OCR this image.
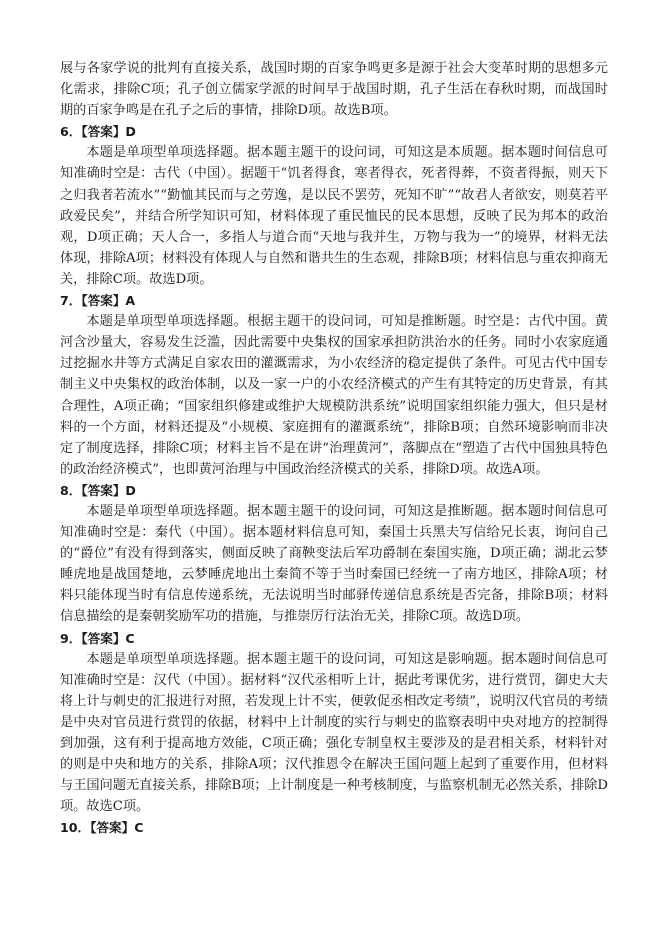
展与各家学说的批判有直接关系，战国时期的百家争鸣更多是源于社会大变革时期的思想多元化需求，排除C项；孔子创立儒家学派的时间早于战国时期，孔子生活在春秋时期，而战国时期的百家争鸣是在孔子之后的事情，排除D项。故选B项。

6．【答案】D

本题是单项型单项选择题。据本题主题干的设问词，可知这是本质题。据本题时间信息可知准确时空是：古代（中国）。据题干“饥者得食，寒者得衣，死者得葬，不资者得振，则天下之归我者若流水”“勤恤其民而与之劳逸，是以民不罢劳，死知不旷”“故君人者欲安，则莫若平政爱民矣”，并结合所学知识可知，材料体现了重民恤民的民本思想，反映了民为邦本的政治观，D项正确；天人合一，多指人与道合而“天地与我并生，万物与我为一”的境界，材料无法体现，排除A项；材料没有体现人与自然和谐共生的生态观，排除B项；材料信息与重农抑商无关，排除C项。故选D项。

7．【答案】A

本题是单项型单项选择题。根据主题干的设问词，可知是推断题。时空是：古代中国。黄河含沙量大，容易发生泛滥，因此需要中央集权的国家承担防洪治水的任务。同时小农家庭通过挖掘水井等方式满足自家农田的灌溉需求，为小农经济的稳定提供了条件。可见古代中国专制主义中央集权的政治体制，以及一家一户的小农经济模式的产生有其特定的历史背景，有其合理性，A项正确；“国家组织修建或维护大规模防洪系统”说明国家组织能力强大，但只是材料的一个方面，材料还提及“小规模、家庭拥有的灌溉系统”，排除B项；自然环境影响而非决定了制度选择，排除C项；材料主旨不是在讲“治理黄河”，落脚点在“塑造了古代中国独具特色的政治经济模式”，也即黄河治理与中国政治经济模式的关系，排除D项。故选A项。

8．【答案】D

本题是单项型单项选择题。据本题主题干的设问词，可知这是推断题。据本题时间信息可知准确时空是：秦代（中国）。据本题材料信息可知，秦国士兵黑夫写信给兄长衷，询问自己的“爵位”有没有得到落实，侧面反映了商鞅变法后军功爵制在秦国实施，D项正确；湖北云梦睡虎地是战国楚地，云梦睡虎地出土秦简不等于当时秦国已经统一了南方地区，排除A项；材料只能体现当时有信息传递系统，无法说明当时邮驿传递信息系统是否完备，排除B项；材料信息描绘的是秦朝奖励军功的措施，与推崇厉行法治无关，排除C项。故选D项。

9．【答案】C

本题是单项型单项选择题。据本题主题干的设问词，可知这是影响题。据本题时间信息可知准确时空是：汉代（中国）。据材料“汉代丞相听上计，据此考课优劣，进行赏罚，御史大夫将上计与刺史的汇报进行对照，若发现上计不实，便敦促丞相改定考绩”，说明汉代官员的考绩是中央对官员进行赏罚的依据，材料中上计制度的实行与刺史的监察表明中央对地方的控制得到加强，这有利于提高地方效能，C项正确；强化专制皇权主要涉及的是君相关系，材料针对的则是中央和地方的关系，排除A项；汉代推恩令在解决王国问题上起到了重要作用，但材料与王国问题无直接关系，排除B项；上计制度是一种考核制度，与监察机制无必然关系，排除D项。故选C项。

10．【答案】C
